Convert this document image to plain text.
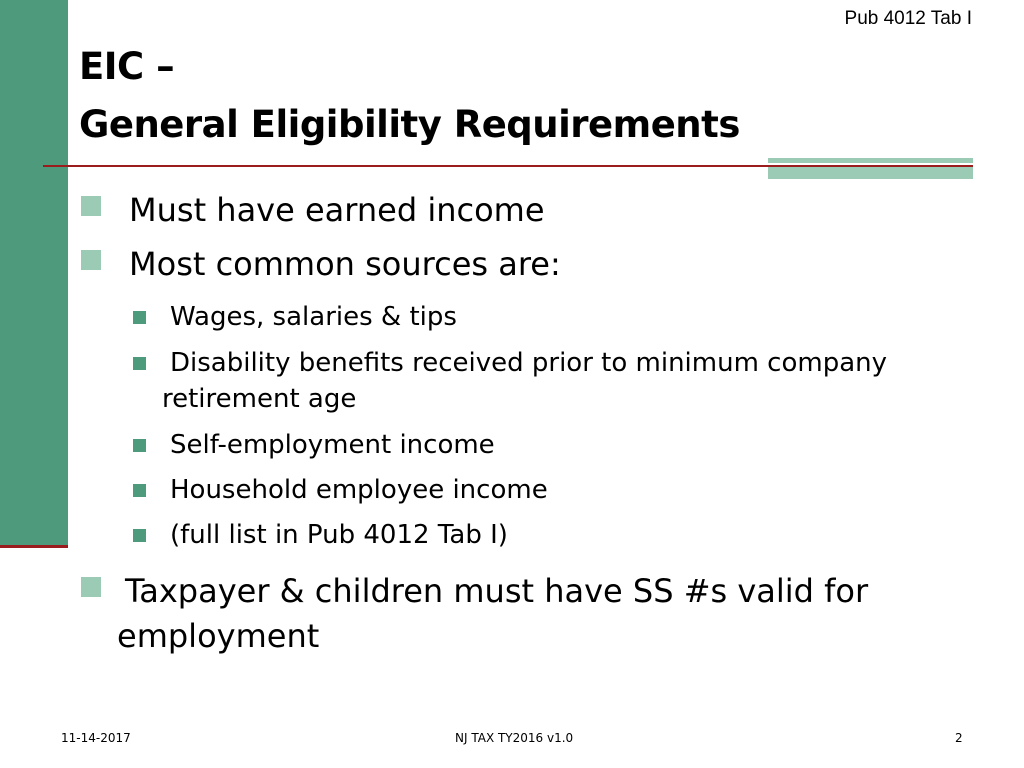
Pub 4012 Tab I
EIC –
General Eligibility Requirements
Must have earned income
Most common sources are:
Wages, salaries & tips
Disability benefits received prior to minimum company
retirement age
Self-employment income
Household employee income
(full list in Pub 4012 Tab I)
Taxpayer & children must have SS #s valid for
employment
11-14-2017	NJ TAX TY2016 v1.0	2
